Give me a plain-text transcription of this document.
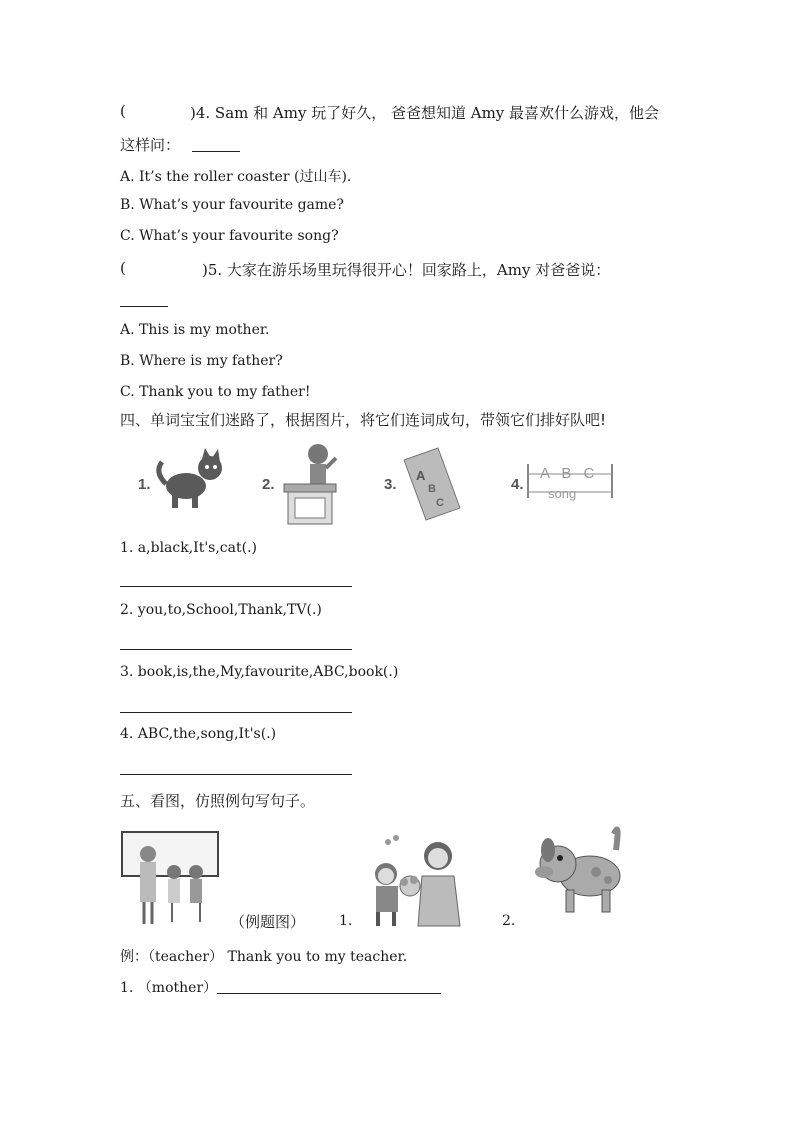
(	)4. Sam 和 Amy 玩了好久， 爸爸想知道 Amy 最喜欢什么游戏，他会
这样问：
A. It’s the roller coaster (过山车).
B. What’s your favourite game?
C. What’s your favourite song?
(	)5. 大家在游乐场里玩得很开心！回家路上，Amy 对爸爸说：
A. This is my mother.
B. Where is my father?
C. Thank you to my father!
四、单词宝宝们迷路了，根据图片，将它们连词成句，带领它们排好队吧!
1.	2.	3.
A
B
C
4.
A B C
song
1. a,black,It's,cat(.)
2. you,to,School,Thank,TV(.)
3. book,is,the,My,favourite,ABC,book(.)
4. ABC,the,song,It's(.)
五、看图，仿照例句写句子。
（例题图） 1.	2.
例：（teacher） Thank you to my teacher.
1. （mother）
